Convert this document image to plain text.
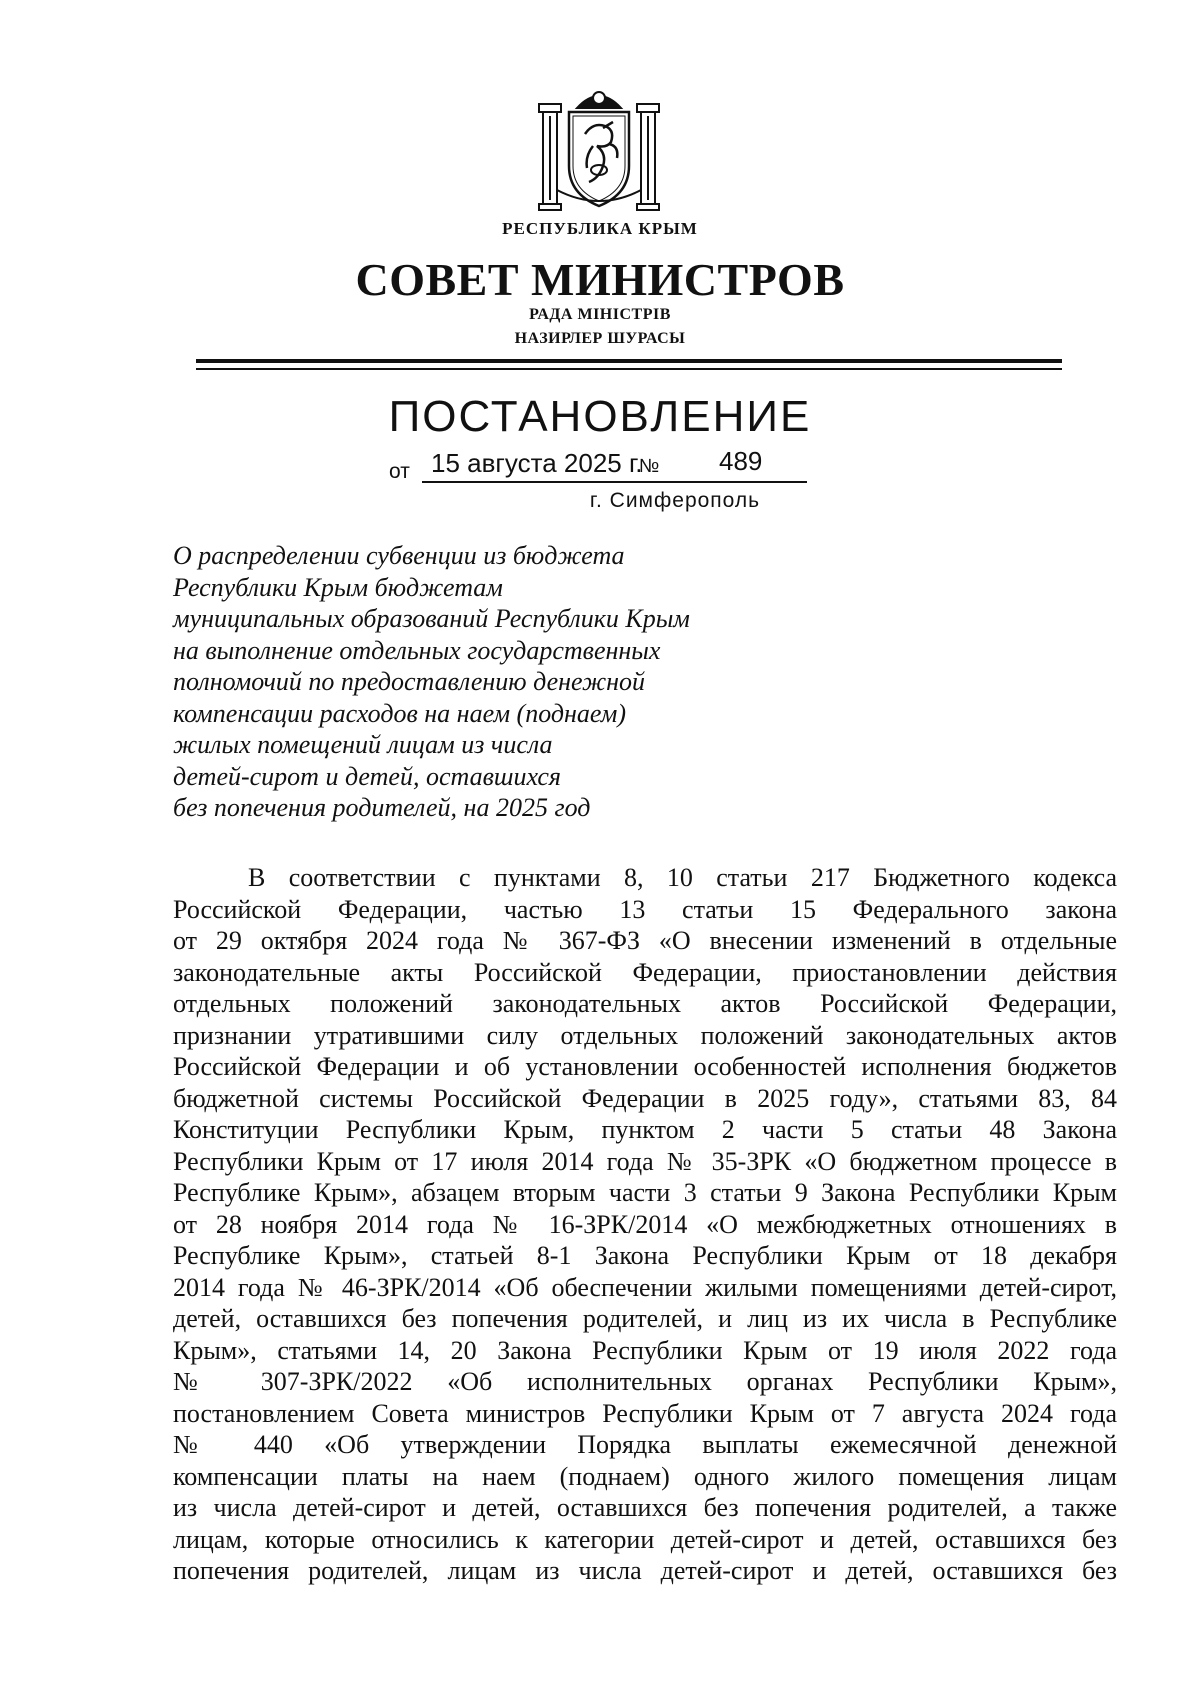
РЕСПУБЛИКА КРЫМ
СОВЕТ МИНИСТРОВ
РАДА МІНІСТРІВ
НАЗИРЛЕР ШУРАСЫ
ПОСТАНОВЛЕНИЕ
от 15 августа 2025 г.
№ 489
г. Симферополь
О распределении субвенции из бюджета
Республики Крым бюджетам
муниципальных образований Республики Крым
на выполнение отдельных государственных
полномочий по предоставлению денежной
компенсации расходов на наем (поднаем)
жилых помещений лицам из числа
детей-сирот и детей, оставшихся
без попечения родителей, на 2025 год
В соответствии с пунктами 8, 10 статьи 217 Бюджетного кодекса
Российской Федерации, частью 13 статьи 15 Федерального закона
от 29 октября 2024 года № 367-ФЗ «О внесении изменений в отдельные
законодательные акты Российской Федерации, приостановлении действия
отдельных положений законодательных актов Российской Федерации,
признании утратившими силу отдельных положений законодательных актов
Российской Федерации и об установлении особенностей исполнения бюджетов
бюджетной системы Российской Федерации в 2025 году», статьями 83, 84
Конституции Республики Крым, пунктом 2 части 5 статьи 48 Закона
Республики Крым от 17 июля 2014 года № 35-ЗРК «О бюджетном процессе в
Республике Крым», абзацем вторым части 3 статьи 9 Закона Республики Крым
от 28 ноября 2014 года № 16-ЗРК/2014 «О межбюджетных отношениях в
Республике Крым», статьей 8-1 Закона Республики Крым от 18 декабря
2014 года № 46-ЗРК/2014 «Об обеспечении жилыми помещениями детей-сирот,
детей, оставшихся без попечения родителей, и лиц из их числа в Республике
Крым», статьями 14, 20 Закона Республики Крым от 19 июля 2022 года
№ 307-ЗРК/2022 «Об исполнительных органах Республики Крым»,
постановлением Совета министров Республики Крым от 7 августа 2024 года
№ 440 «Об утверждении Порядка выплаты ежемесячной денежной
компенсации платы на наем (поднаем) одного жилого помещения лицам
из числа детей-сирот и детей, оставшихся без попечения родителей, а также
лицам, которые относились к категории детей-сирот и детей, оставшихся без
попечения родителей, лицам из числа детей-сирот и детей, оставшихся без
